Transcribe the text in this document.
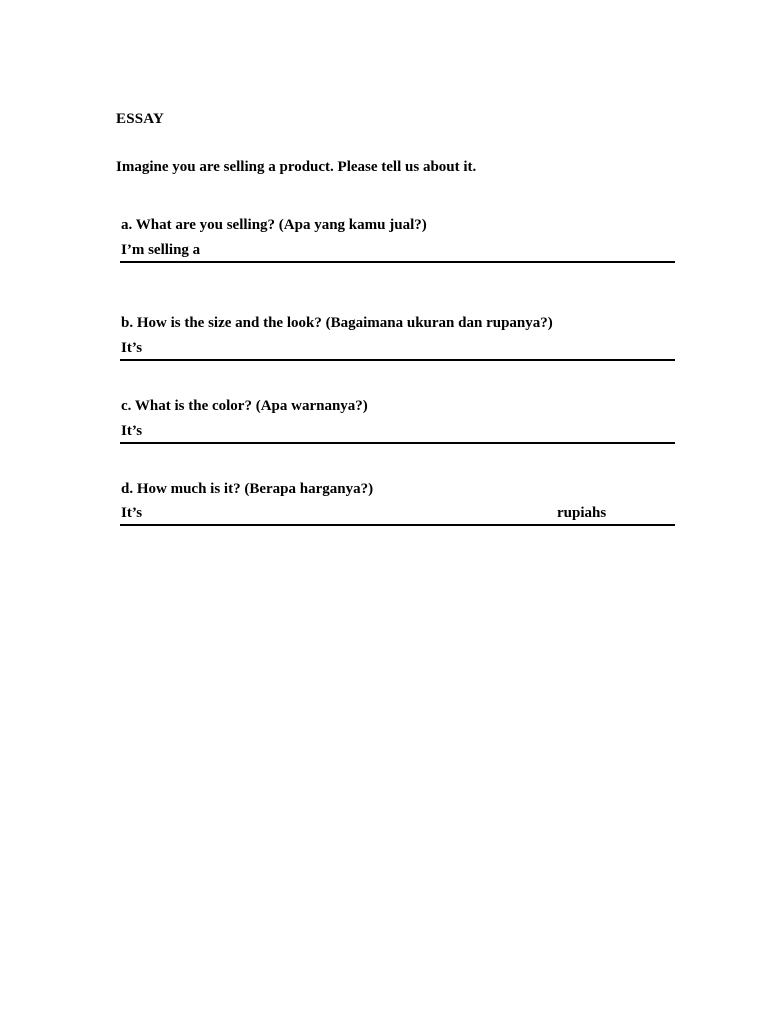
ESSAY
Imagine you are selling a product. Please tell us about it.
a. What are you selling? (Apa yang kamu jual?)
I’m selling a
b. How is the size and the look? (Bagaimana ukuran dan rupanya?)
It’s
c. What is the color? (Apa warnanya?)
It’s
d. How much is it? (Berapa harganya?)
It’s	rupiahs
